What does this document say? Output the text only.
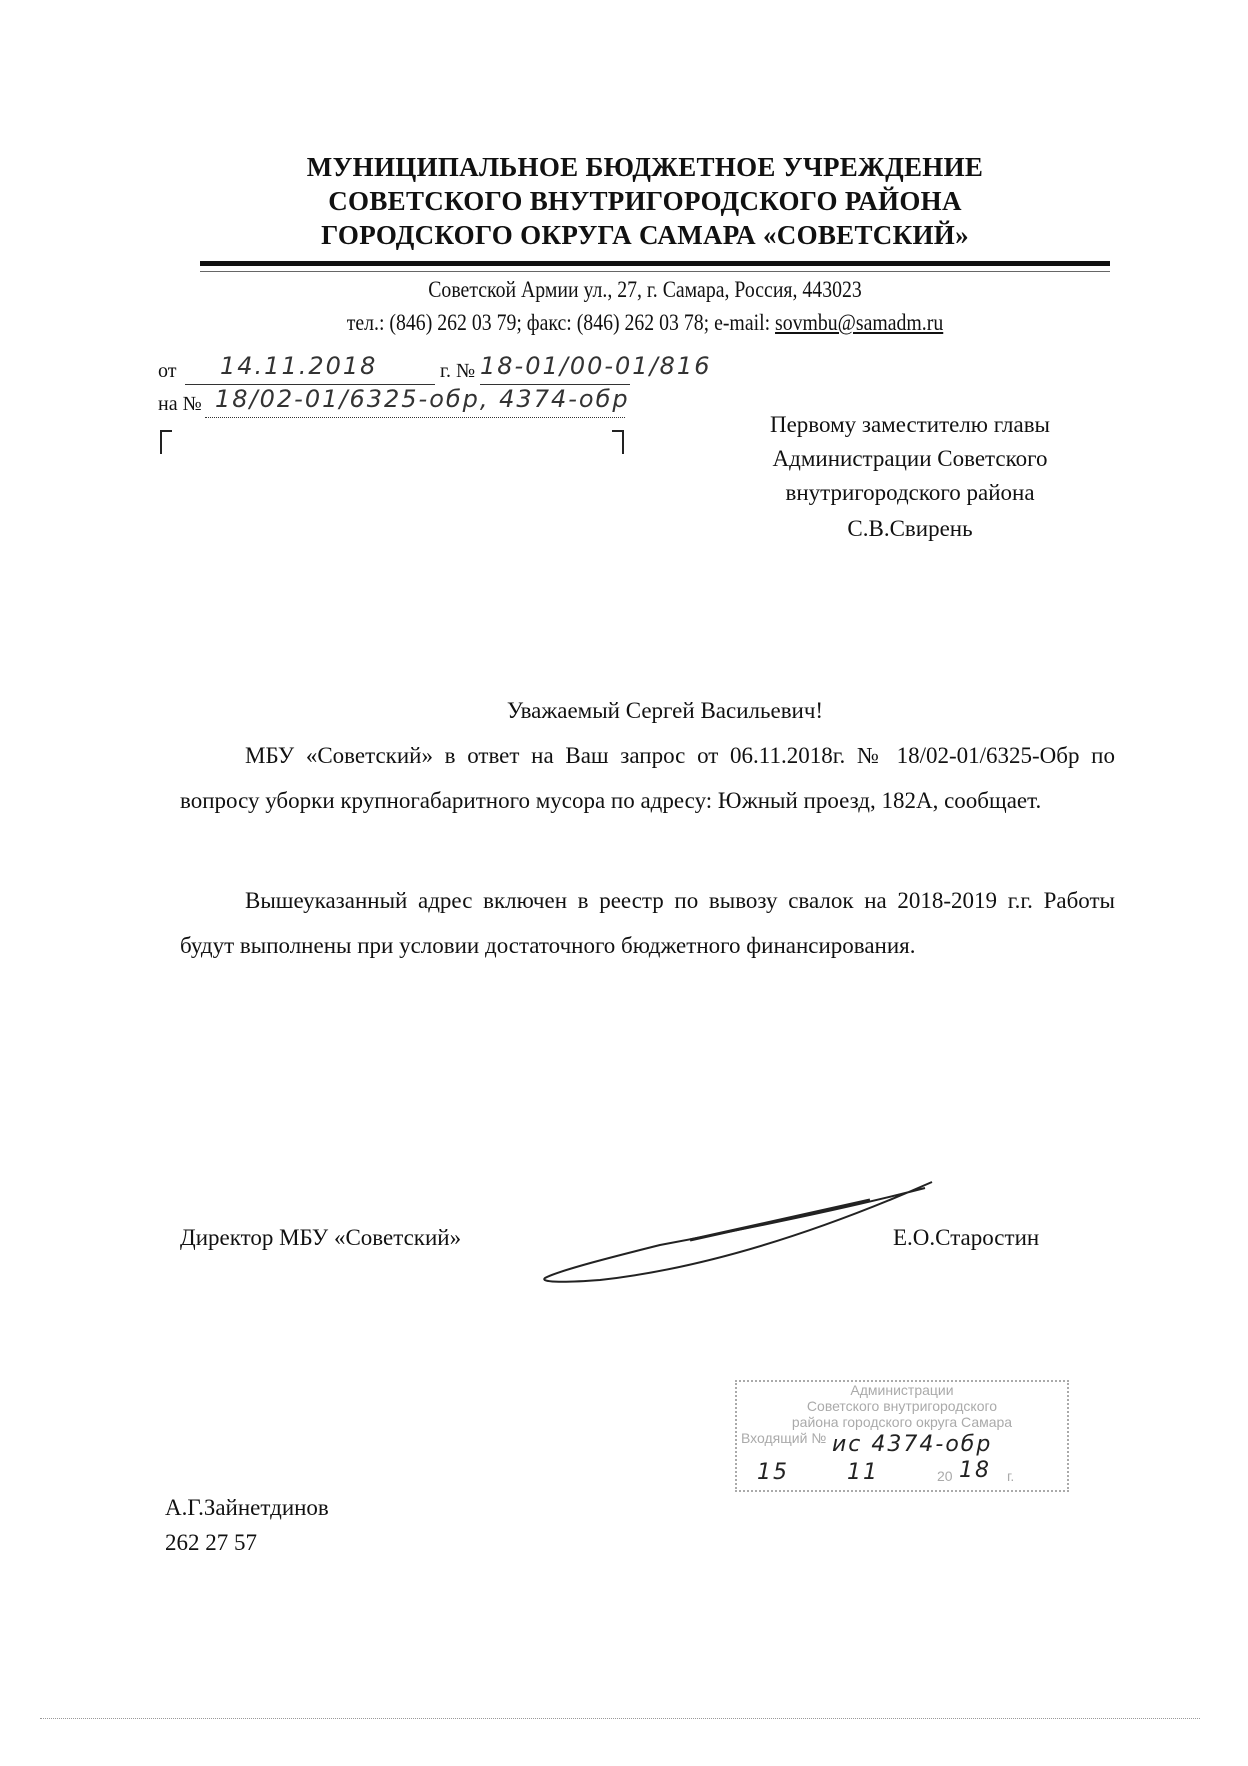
МУНИЦИПАЛЬНОЕ БЮДЖЕТНОЕ УЧРЕЖДЕНИЕ
СОВЕТСКОГО ВНУТРИГОРОДСКОГО РАЙОНА
ГОРОДСКОГО ОКРУГА САМАРА «СОВЕТСКИЙ»
Советской Армии ул., 27, г. Самара, Россия, 443023
тел.: (846) 262 03 79; факс: (846) 262 03 78; e-mail: sovmbu@samadm.ru
от 14.11.2018	г. № 18-01/00-01/816
на № 18/02-01/6325-обр, 4374-обр
Первому заместителю главы
Администрации Советского
внутригородского района
С.В.Свирень
Уважаемый Сергей Васильевич!
МБУ «Советский» в ответ на Ваш запрос от 06.11.2018г. № 18/02-01/6325-Обр по вопросу уборки крупногабаритного мусора по адресу: Южный проезд, 182А, сообщает.
Вышеуказанный адрес включен в реестр по вывозу свалок на 2018-2019 г.г. Работы будут выполнены при условии достаточного бюджетного финансирования.
Директор МБУ «Советский»	Е.О.Старостин
Администрации
Советского внутригородского
района городского округа Самара
Входящий № ис 4374-обр
15	11	20 18 г.
А.Г.Зайнетдинов
262 27 57
